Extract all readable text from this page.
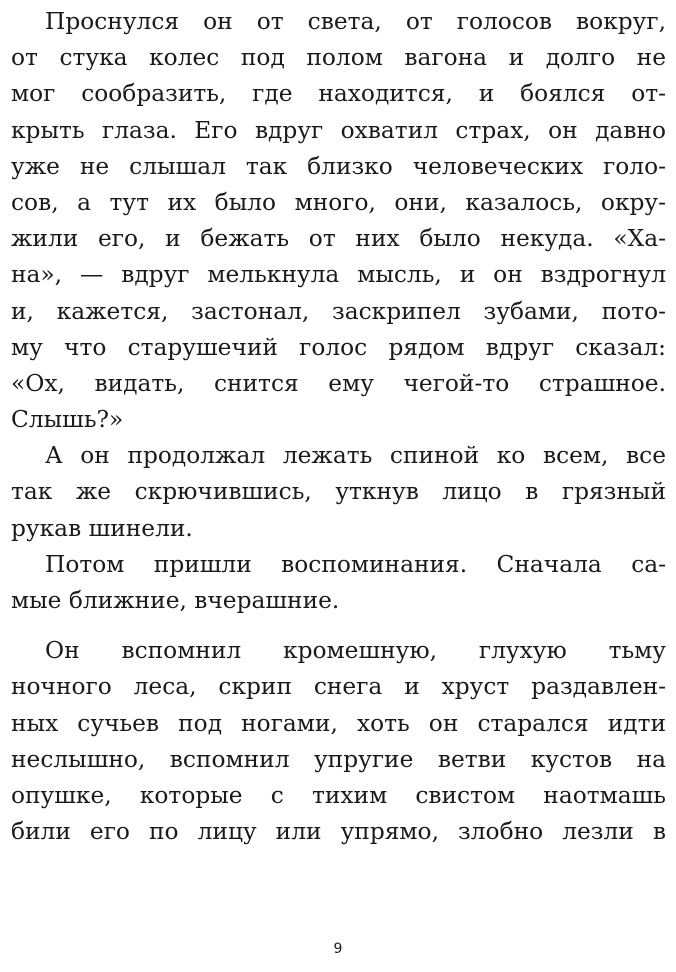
Проснулся он от света, от голосов вокруг,
от стука колес под полом вагона и долго не
мог сообразить, где находится, и боялся от-
крыть глаза. Его вдруг охватил страх, он давно
уже не слышал так близко человеческих голо-
сов, а тут их было много, они, казалось, окру-
жили его, и бежать от них было некуда. «Ха-
на», — вдруг мелькнула мысль, и он вздрогнул
и, кажется, застонал, заскрипел зубами, пото-
му что старушечий голос рядом вдруг сказал:
«Ох, видать, снится ему чегой-то страшное.
Слышь?»
А он продолжал лежать спиной ко всем, все
так же скрючившись, уткнув лицо в грязный
рукав шинели.
Потом пришли воспоминания. Сначала са-
мые ближние, вчерашние.
Он вспомнил кромешную, глухую тьму
ночного леса, скрип снега и хруст раздавлен-
ных сучьев под ногами, хоть он старался идти
неслышно, вспомнил упругие ветви кустов на
опушке, которые с тихим свистом наотмашь
били его по лицу или упрямо, злобно лезли в
9
